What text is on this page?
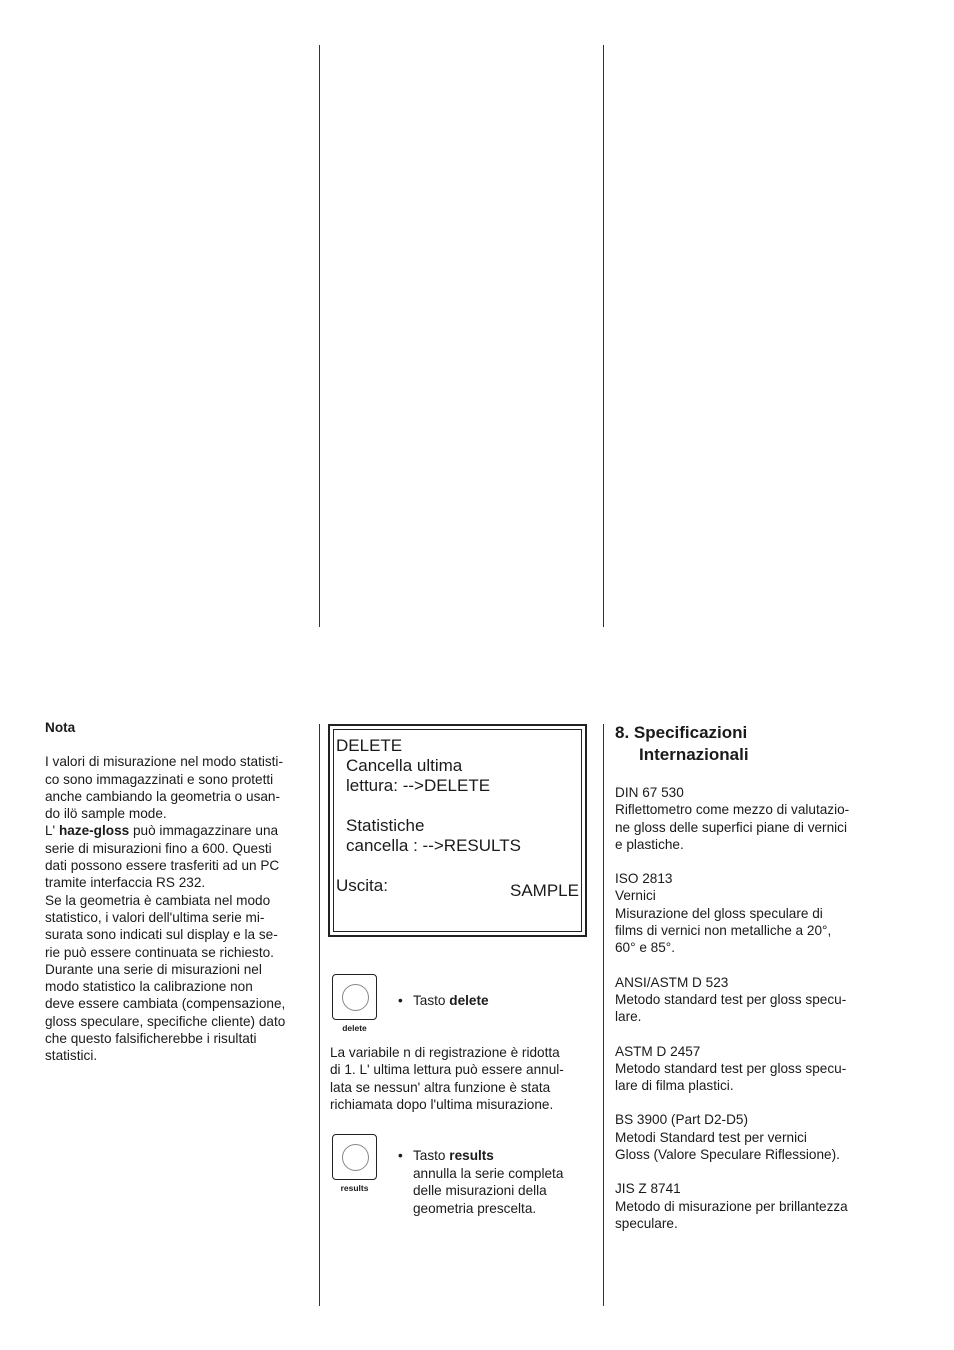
Nota

I valori di misurazione nel modo statisti-
co sono immagazzinati e sono protetti
anche cambiando la geometria o usan-
do ilö sample mode.

L' haze-gloss può immagazzinare una
serie di misurazioni fino a 600. Questi
dati possono essere trasferiti ad un PC
tramite interfaccia RS 232.

Se la geometria è cambiata nel modo
statistico, i valori dell'ultima serie mi-
surata sono indicati sul display e la se-
rie può essere continuata se richiesto.
Durante una serie di misurazioni nel
modo statistico la calibrazione non
deve essere cambiata (compensazione,
gloss speculare, specifiche cliente) dato
che questo falsificherebbe i risultati
statistici.

DELETE
Cancella ultima
lettura: -->DELETE
Statistiche
cancella : -->RESULTS
Uscita:	SAMPLE
delete
• Tasto delete
La variabile n di registrazione è ridotta
di 1. L' ultima lettura può essere annul-
lata se nessun' altra funzione è stata
richiamata dopo l'ultima misurazione.
results
• Tasto results
annulla la serie completa
delle misurazioni della
geometria prescelta.
8. Specificazioni
Internazionali
DIN 67 530
Riflettometro come mezzo di valutazio-
ne gloss delle superfici piane di vernici
e plastiche.
ISO 2813
Vernici
Misurazione del gloss speculare di
films di vernici non metalliche a 20°,
60° e 85°.
ANSI/ASTM D 523
Metodo standard test per gloss specu-
lare.
ASTM D 2457
Metodo standard test per gloss specu-
lare di filma plastici.
BS 3900 (Part D2-D5)
Metodi Standard test per vernici
Gloss (Valore Speculare Riflessione).
JIS Z 8741
Metodo di misurazione per brillantezza
speculare.
